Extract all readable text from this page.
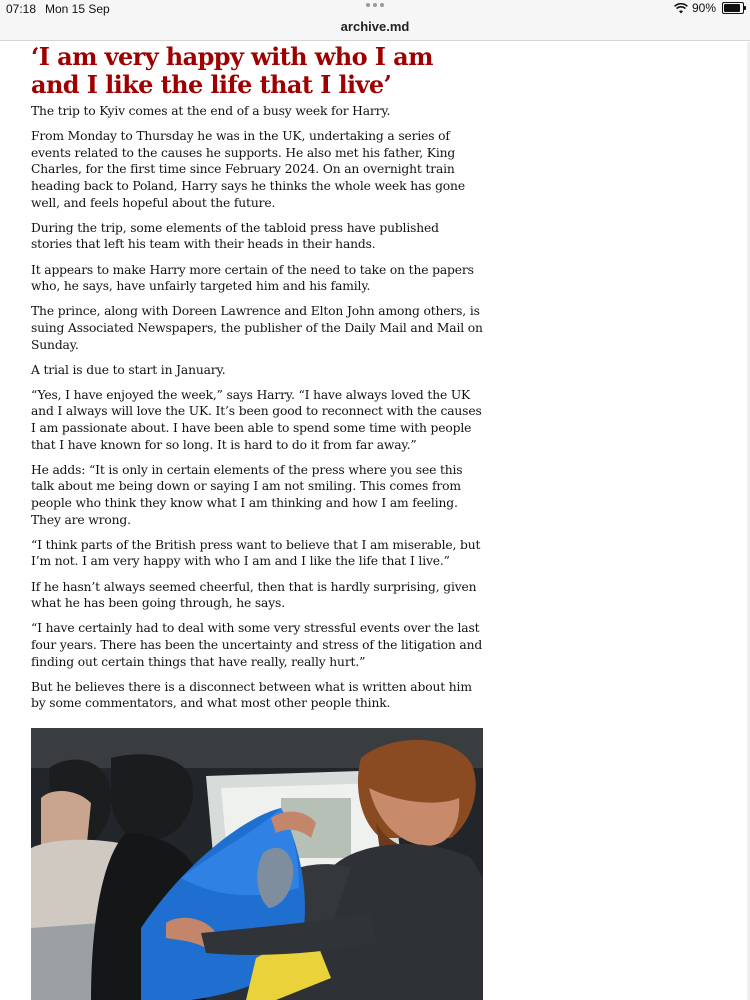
07:18 Mon 15 Sep	90%
archive.md
‘I am very happy with who I am and I like the life that I live’

The trip to Kyiv comes at the end of a busy week for Harry.

From Monday to Thursday he was in the UK, undertaking a series of events related to the causes he supports. He also met his father, King Charles, for the first time since February 2024. On an overnight train heading back to Poland, Harry says he thinks the whole week has gone well, and feels hopeful about the future.

During the trip, some elements of the tabloid press have published stories that left his team with their heads in their hands.

It appears to make Harry more certain of the need to take on the papers who, he says, have unfairly targeted him and his family.

The prince, along with Doreen Lawrence and Elton John among others, is suing Associated Newspapers, the publisher of the Daily Mail and Mail on Sunday.

A trial is due to start in January.

“Yes, I have enjoyed the week,” says Harry. “I have always loved the UK and I always will love the UK. It’s been good to reconnect with the causes I am passionate about. I have been able to spend some time with people that I have known for so long. It is hard to do it from far away.”

He adds: “It is only in certain elements of the press where you see this talk about me being down or saying I am not smiling. This comes from people who think they know what I am thinking and how I am feeling. They are wrong.

“I think parts of the British press want to believe that I am miserable, but I’m not. I am very happy with who I am and I like the life that I live.”

If he hasn’t always seemed cheerful, then that is hardly surprising, given what he has been going through, he says.

“I have certainly had to deal with some very stressful events over the last four years. There has been the uncertainty and stress of the litigation and finding out certain things that have really, really hurt.”

But he believes there is a disconnect between what is written about him by some commentators, and what most other people think.
